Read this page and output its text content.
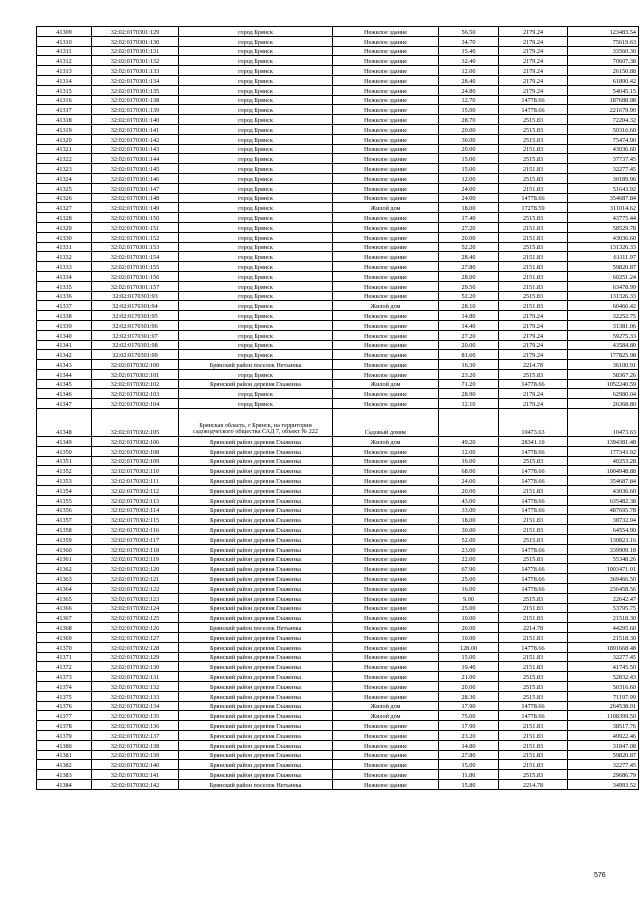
41309	32:02:0170301:129	город Брянск	Нежилое здание	56.50	2179.24	123483.54
41310	32:02:0170301:130	город Брянск	Нежилое здание	34.70	2179.24	75619.63
41311	32:02:0170301:131	город Брянск	Нежилое здание	15.40	2179.24	33560.30
41312	32:02:0170301:132	город Брянск	Нежилое здание	32.40	2179.24	70607.38
41313	32:02:0170301:133	город Брянск	Нежилое здание	12.00	2179.24	26150.88
41314	32:02:0170301:134	город Брянск	Нежилое здание	28.40	2179.24	61890.42
41315	32:02:0170301:135	город Брянск	Нежилое здание	24.80	2179.24	54045.15
41316	32:02:0170301:138	город Брянск	Нежилое здание	12.70	14778.66	187688.98
41317	32:02:0170301:139	город Брянск	Нежилое здание	15.00	14778.66	221679.90
41318	32:02:0170301:140	город Брянск	Нежилое здание	28.70	2515.83	72204.32
41319	32:02:0170301:141	город Брянск	Нежилое здание	20.00	2515.83	50316.60
41320	32:02:0170301:142	город Брянск	Нежилое здание	30.00	2515.83	75474.90
41321	32:02:0170301:143	город Брянск	Нежилое здание	20.00	2151.83	43036.60
41322	32:02:0170301:144	город Брянск	Нежилое здание	15.00	2515.83	37737.45
41323	32:02:0170301:145	город Брянск	Нежилое здание	15.00	2151.83	32277.45
41324	32:02:0170301:146	город Брянск	Нежилое здание	12.00	2515.83	30189.96
41325	32:02:0170301:147	город Брянск	Нежилое здание	24.00	2151.83	51643.92
41326	32:02:0170301:148	город Брянск	Нежилое здание	24.00	14778.66	354687.84
41327	32:02:0170301:149	город Брянск	Жилой дом	18.00	17278.59	311014.62
41328	32:02:0170301:150	город Брянск	Нежилое здание	17.40	2515.83	43775.44
41329	32:02:0170301:151	город Брянск	Нежилое здание	27.20	2151.83	58529.78
41330	32:02:0170301:152	город Брянск	Нежилое здание	20.00	2151.83	43036.60
41331	32:02:0170301:153	город Брянск	Нежилое здание	52.20	2515.83	131326.33
41332	32:02:0170301:154	город Брянск	Нежилое здание	28.40	2151.83	61111.97
41333	32:02:0170301:155	город Брянск	Нежилое здание	27.80	2151.83	59820.87
41334	32:02:0170301:156	город Брянск	Нежилое здание	28.00	2151.83	60251.24
41335	32:02:0170301:157	город Брянск	Нежилое здание	29.50	2151.83	63478.99
41336	32:02:0170301:93	город Брянск	Нежилое здание	52.20	2515.83	131326.33
41337	32:02:0170301:94	город Брянск	Жилой дом	28.10	2151.83	60466.42
41338	32:02:0170301:95	город Брянск	Нежилое здание	14.80	2179.24	32252.75
41339	32:02:0170301:96	город Брянск	Нежилое здание	14.40	2179.24	31381.06
41340	32:02:0170301:97	город Брянск	Нежилое здание	27.20	2179.24	59275.33
41341	32:02:0170301:98	город Брянск	Нежилое здание	20.00	2179.24	43584.80
41342	32:02:0170301:99	город Брянск	Нежилое здание	81.60	2179.24	177825.98
41343	32:02:0170302:100	Брянский район поселок Нетьинка	Нежилое здание	16.30	2214.78	36100.91
41344	32:02:0170302:101	город Брянск	Нежилое здание	23.20	2515.83	58367.26
41345	32:02:0170302:102	Брянский район деревня Глаженка	Жилой дом	71.20	14778.66	1052240.59
41346	32:02:0170302:103	город Брянск	Нежилое здание	28.90	2179.24	62980.04
41347	32:02:0170302:104	город Брянск	Нежилое здание	12.10	2179.24	26368.80
41348	32:02:0170302:105	Брянская область, г Брянск, на территории садоводческого общества САД 7, объект № 222	Садовый домик		10473.63	10473.63
41349	32:02:0170302:106	Брянский район деревня Глаженка	Жилой дом	49.20	28341.10	1394381.48
41350	32:02:0170302:108	Брянский район деревня Глаженка	Нежилое здание	12.00	14778.66	177343.92
41351	32:02:0170302:109	Брянский район деревня Глаженка	Нежилое здание	16.00	2515.83	40253.28
41352	32:02:0170302:110	Брянский район деревня Глаженка	Нежилое здание	68.00	14778.66	1004948.88
41353	32:02:0170302:111	Брянский район деревня Глаженка	Нежилое здание	24.00	14778.66	354687.84
41354	32:02:0170302:112	Брянский район деревня Глаженка	Нежилое здание	20.00	2151.83	43036.60
41355	32:02:0170302:113	Брянский район деревня Глаженка	Нежилое здание	43.00	14778.66	635482.38
41356	32:02:0170302:114	Брянский район деревня Глаженка	Нежилое здание	33.00	14778.66	487695.78
41357	32:02:0170302:115	Брянский район деревня Глаженка	Нежилое здание	18.00	2151.83	38732.94
41358	32:02:0170302:116	Брянский район деревня Глаженка	Нежилое здание	30.00	2151.83	64554.90
41359	32:02:0170302:117	Брянский район деревня Глаженка	Нежилое здание	52.00	2515.83	130823.16
41360	32:02:0170302:118	Брянский район деревня Глаженка	Нежилое здание	23.00	14778.66	339909.18
41361	32:02:0170302:119	Брянский район деревня Глаженка	Нежилое здание	22.00	2515.83	55348.26
41362	32:02:0170302:120	Брянский район деревня Глаженка	Нежилое здание	67.90	14778.66	1003471.01
41363	32:02:0170302:121	Брянский район деревня Глаженка	Нежилое здание	25.00	14778.66	369466.50
41364	32:02:0170302:122	Брянский район деревня Глаженка	Нежилое здание	16.00	14778.66	236458.56
41365	32:02:0170302:123	Брянский район деревня Глаженка	Нежилое здание	9.00	2515.83	22642.47
41366	32:02:0170302:124	Брянский район деревня Глаженка	Нежилое здание	25.00	2151.83	53795.75
41367	32:02:0170302:125	Брянский район деревня Глаженка	Нежилое здание	10.00	2151.83	21518.30
41368	32:02:0170302:126	Брянский район поселок Нетьинка	Нежилое здание	20.00	2214.78	44295.60
41369	32:02:0170302:127	Брянский район деревня Глаженка	Нежилое здание	10.00	2151.83	21518.30
41370	32:02:0170302:128	Брянский район деревня Глаженка	Нежилое здание	128.00	14778.66	1891668.48
41371	32:02:0170302:129	Брянский район деревня Глаженка	Нежилое здание	15.00	2151.83	32277.45
41372	32:02:0170302:130	Брянский район деревня Глаженка	Нежилое здание	19.40	2151.83	41745.50
41373	32:02:0170302:131	Брянский район деревня Глаженка	Нежилое здание	21.00	2515.83	52832.43
41374	32:02:0170302:132	Брянский район деревня Глаженка	Нежилое здание	20.00	2515.83	50316.60
41375	32:02:0170302:133	Брянский район деревня Глаженка	Нежилое здание	28.30	2515.83	71197.99
41376	32:02:0170302:134	Брянский район деревня Глаженка	Жилой дом	17.90	14778.66	264538.01
41377	32:02:0170302:135	Брянский район деревня Глаженка	Жилой дом	75.00	14778.66	1108399.50
41378	32:02:0170302:136	Брянский район деревня Глаженка	Нежилое здание	17.90	2151.83	38517.76
41379	32:02:0170302:137	Брянский район деревня Глаженка	Нежилое здание	23.20	2151.83	49922.46
41380	32:02:0170302:138	Брянский район деревня Глаженка	Нежилое здание	14.80	2151.83	31847.08
41381	32:02:0170302:139	Брянский район деревня Глаженка	Нежилое здание	27.80	2151.83	59820.87
41382	32:02:0170302:140	Брянский район деревня Глаженка	Нежилое здание	15.00	2151.83	32277.45
41383	32:02:0170302:141	Брянский район деревня Глаженка	Нежилое здание	11.80	2515.83	29686.79
41384	32:02:0170302:142	Брянский район поселок Нетьинка	Нежилое здание	15.80	2214.78	34993.52
576
